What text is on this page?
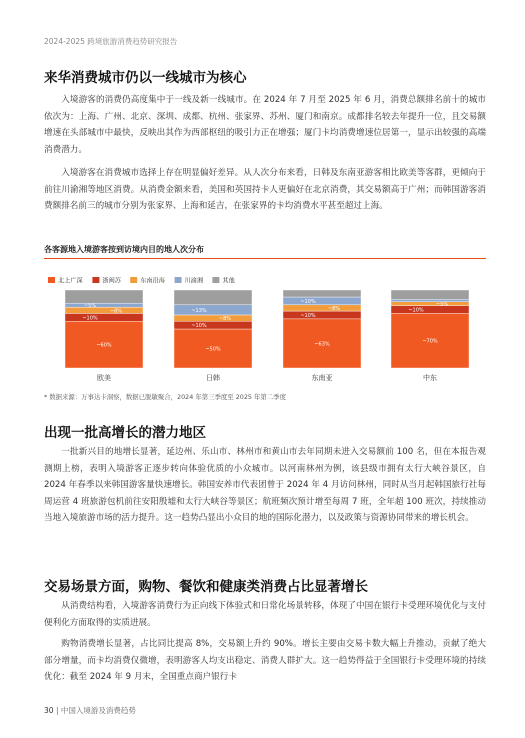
2024-2025 跨境旅游消费趋势研究报告
来华消费城市仍以一线城市为核心

入境游客的消费仍高度集中于一线及新一线城市。在 2024 年 7 月至 2025 年 6 月，消费总额排名前十的城市依次为：上海、广州、北京、深圳、成都、杭州、张家界、苏州、厦门和南京。成都排名较去年提升一位，且交易额增速在头部城市中最快，反映出其作为西部枢纽的吸引力正在增强；厦门卡均消费增速位居第一，显示出较强的高端消费潜力。

入境游客在消费城市选择上存在明显偏好差异。从人次分布来看，日韩及东南亚游客相比欧美等客群，更倾向于前往川渝湘等地区消费。从消费金额来看，美国和英国持卡人更偏好在北京消费，其交易额高于广州；而韩国游客消费额排名前三的城市分别为张家界、上海和延吉，在张家界的卡均消费水平甚至超过上海。

各客源地入境游客按到访境内目的地人次分布
北上广深	浙闽苏	东南沿海	川渝湘	其他
~60%
~10%
~8%
~5%
欧美
~50%
~10%
~8%
~13%
日韩
~63%
~10%
~8%
~10%
东南亚
~70%
~10%
~5%
中东
* 数据来源：万事达卡洞察，数据已脱敏聚合，2024 年第三季度至 2025 年第二季度
出现一批高增长的潜力地区

一批新兴目的地增长显著，延边州、乐山市、林州市和黄山市去年同期未进入交易额前 100 名，但在本报告观测期上榜，表明入境游客正逐步转向体验优质的小众城市。以河南林州为例，该县级市拥有太行大峡谷景区，自 2024 年春季以来韩国游客量快速增长。韩国安养市代表团曾于 2024 年 4 月访问林州，同时从当月起韩国旅行社每周运营 4 班旅游包机前往安阳殷墟和太行大峡谷等景区；航班频次预计增至每周 7 班，全年超 100 班次，持续推动当地入境旅游市场的活力提升。这一趋势凸显出小众目的地的国际化潜力，以及政策与资源协同带来的增长机会。

交易场景方面，购物、餐饮和健康类消费占比显著增长

从消费结构看，入境游客消费行为正向线下体验式和日常化场景转移，体现了中国在银行卡受理环境优化与支付便利化方面取得的实质进展。

购物消费增长显著，占比同比提高 8%，交易额上升约 90%。增长主要由交易卡数大幅上升推动，贡献了绝大部分增量，而卡均消费仅微增，表明游客人均支出稳定、消费人群扩大。这一趋势得益于全国银行卡受理环境的持续优化：截至 2024 年 9 月末，全国重点商户银行卡

30 | 中国入境游及消费趋势
